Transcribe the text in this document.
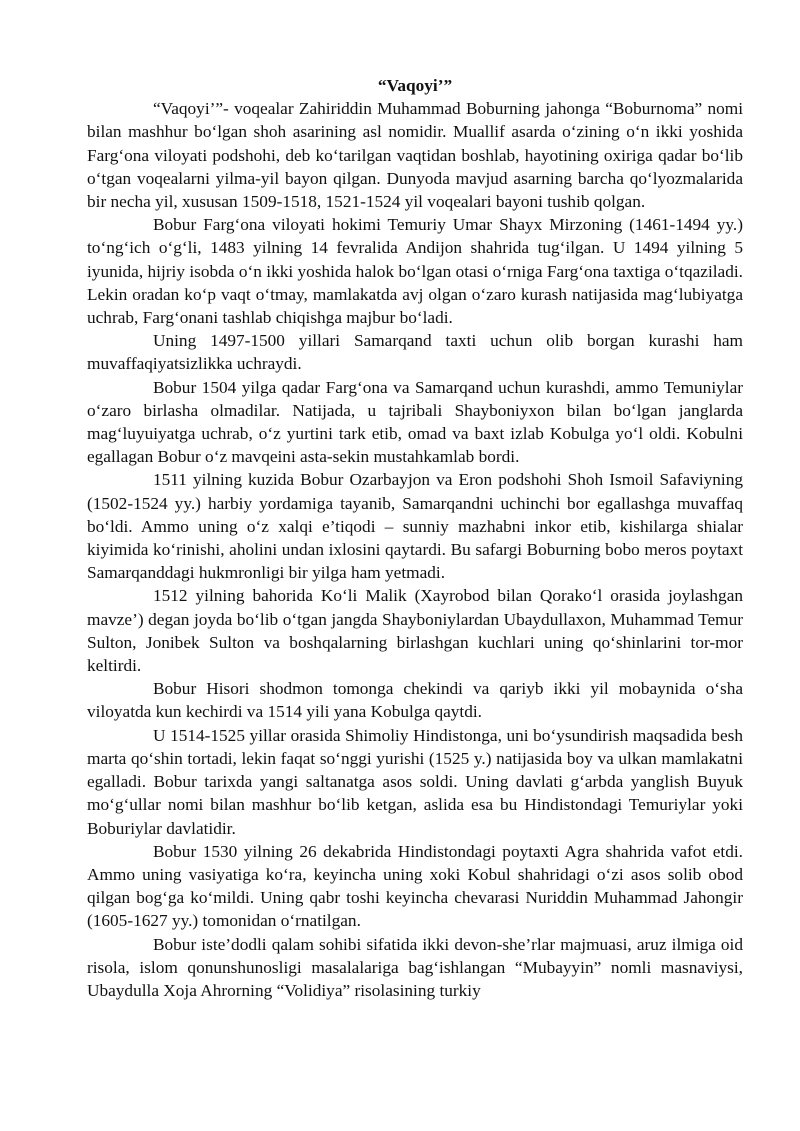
“Vaqoyi’”

“Vaqoyi’”- voqealar Zahiriddin Muhammad Boburning jahonga “Boburnoma” nomi bilan mashhur bo‘lgan shoh asarining asl nomidir. Muallif asarda o‘zining o‘n ikki yoshida Farg‘ona viloyati podshohi, deb ko‘tarilgan vaqtidan boshlab, hayotining oxiriga qadar bo‘lib o‘tgan voqealarni yilma-yil bayon qilgan. Dunyoda mavjud asarning barcha qo‘lyozmalarida bir necha yil, xususan 1509-1518, 1521-1524 yil voqealari bayoni tushib qolgan.

Bobur Farg‘ona viloyati hokimi Temuriy Umar Shayx Mirzoning (1461-1494 yy.) to‘ng‘ich o‘g‘li, 1483 yilning 14 fevralida Andijon shahrida tug‘ilgan. U 1494 yilning 5 iyunida, hijriy isobda o‘n ikki yoshida halok bo‘lgan otasi o‘rniga Farg‘ona taxtiga o‘tqaziladi. Lekin oradan ko‘p vaqt o‘tmay, mamlakatda avj olgan o‘zaro kurash natijasida mag‘lubiyatga uchrab, Farg‘onani tashlab chiqishga majbur bo‘ladi.

Uning 1497-1500 yillari Samarqand taxti uchun olib borgan kurashi ham muvaffaqiyatsizlikka uchraydi.

Bobur 1504 yilga qadar Farg‘ona va Samarqand uchun kurashdi, ammo Temuniylar o‘zaro birlasha olmadilar. Natijada, u tajribali Shayboniyxon bilan bo‘lgan janglarda mag‘luyuiyatga uchrab, o‘z yurtini tark etib, omad va baxt izlab Kobulga yo‘l oldi. Kobulni egallagan Bobur o‘z mavqeini asta-sekin mustahkamlab bordi.

1511 yilning kuzida Bobur Ozarbayjon va Eron podshohi Shoh Ismoil Safaviyning (1502-1524 yy.) harbiy yordamiga tayanib, Samarqandni uchinchi bor egallashga muvaffaq bo‘ldi. Ammo uning o‘z xalqi e’tiqodi – sunniy mazhabni inkor etib, kishilarga shialar kiyimida ko‘rinishi, aholini undan ixlosini qaytardi. Bu safargi Boburning bobo meros poytaxt Samarqanddagi hukmronligi bir yilga ham yetmadi.

1512 yilning bahorida Ko‘li Malik (Xayrobod bilan Qorako‘l orasida joylashgan mavze’) degan joyda bo‘lib o‘tgan jangda Shayboniylardan Ubaydullaxon, Muhammad Temur Sulton, Jonibek Sulton va boshqalarning birlashgan kuchlari uning qo‘shinlarini tor-mor keltirdi.

Bobur Hisori shodmon tomonga chekindi va qariyb ikki yil mobaynida o‘sha viloyatda kun kechirdi va 1514 yili yana Kobulga qaytdi.

U 1514-1525 yillar orasida Shimoliy Hindistonga, uni bo‘ysundirish maqsadida besh marta qo‘shin tortadi, lekin faqat so‘nggi yurishi (1525 y.) natijasida boy va ulkan mamlakatni egalladi. Bobur tarixda yangi saltanatga asos soldi. Uning davlati g‘arbda yanglish Buyuk mo‘g‘ullar nomi bilan mashhur bo‘lib ketgan, aslida esa bu Hindistondagi Temuriylar yoki Boburiylar davlatidir.

Bobur 1530 yilning 26 dekabrida Hindistondagi poytaxti Agra shahrida vafot etdi. Ammo uning vasiyatiga ko‘ra, keyincha uning xoki Kobul shahridagi o‘zi asos solib obod qilgan bog‘ga ko‘mildi. Uning qabr toshi keyincha chevarasi Nuriddin Muhammad Jahongir (1605-1627 yy.) tomonidan o‘rnatilgan.

Bobur iste’dodli qalam sohibi sifatida ikki devon-she’rlar majmuasi, aruz ilmiga oid risola, islom qonunshunosligi masalalariga bag‘ishlangan “Mubayyin” nomli masnaviysi, Ubaydulla Xoja Ahrorning “Volidiya” risolasining turkiy
